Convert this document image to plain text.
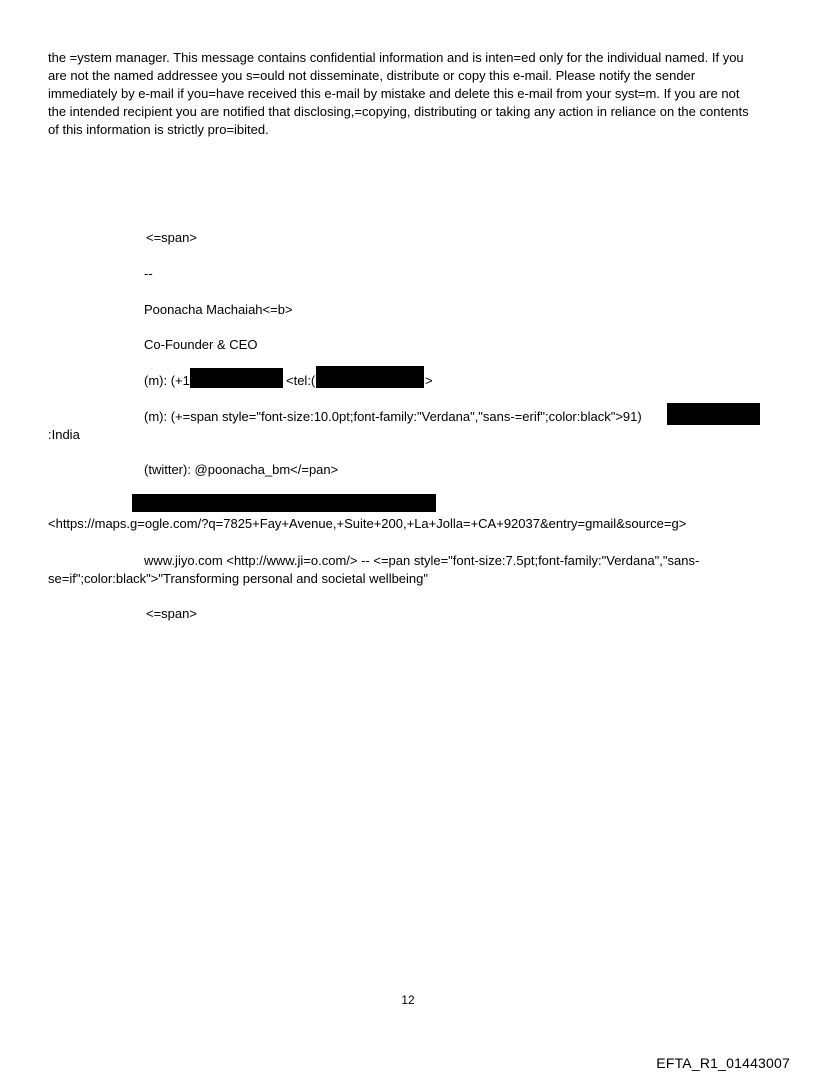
the =ystem manager. This message contains confidential information and is inten=ed only for the individual named. If you are not the named addressee you s=ould not disseminate, distribute or copy this e-mail. Please notify the sender immediately by e-mail if you=have received this e-mail by mistake and delete this e-mail from your syst=m. If you are not the intended recipient you are notified that disclosing,=copying, distributing or taking any action in reliance on the contents of this information is strictly pro=ibited.

<=span>
--
Poonacha Machaiah<=b>
Co-Founder & CEO
(m): (+1	<tel:(	>
(m): (+=span style="font-size:10.0pt;font-family:"Verdana","sans-=erif";color:black">91)
:India
(twitter): @poonacha_bm</=pan>
<https://maps.g=ogle.com/?q=7825+Fay+Avenue,+Suite+200,+La+Jolla=+CA+92037&entry=gmail&source=g>
www.jiyo.com <http://www.ji=o.com/> -- <=pan style="font-size:7.5pt;font-family:"Verdana","sans-
se=if";color:black">"Transforming personal and societal wellbeing"
<=span>
12
EFTA_R1_01443007
